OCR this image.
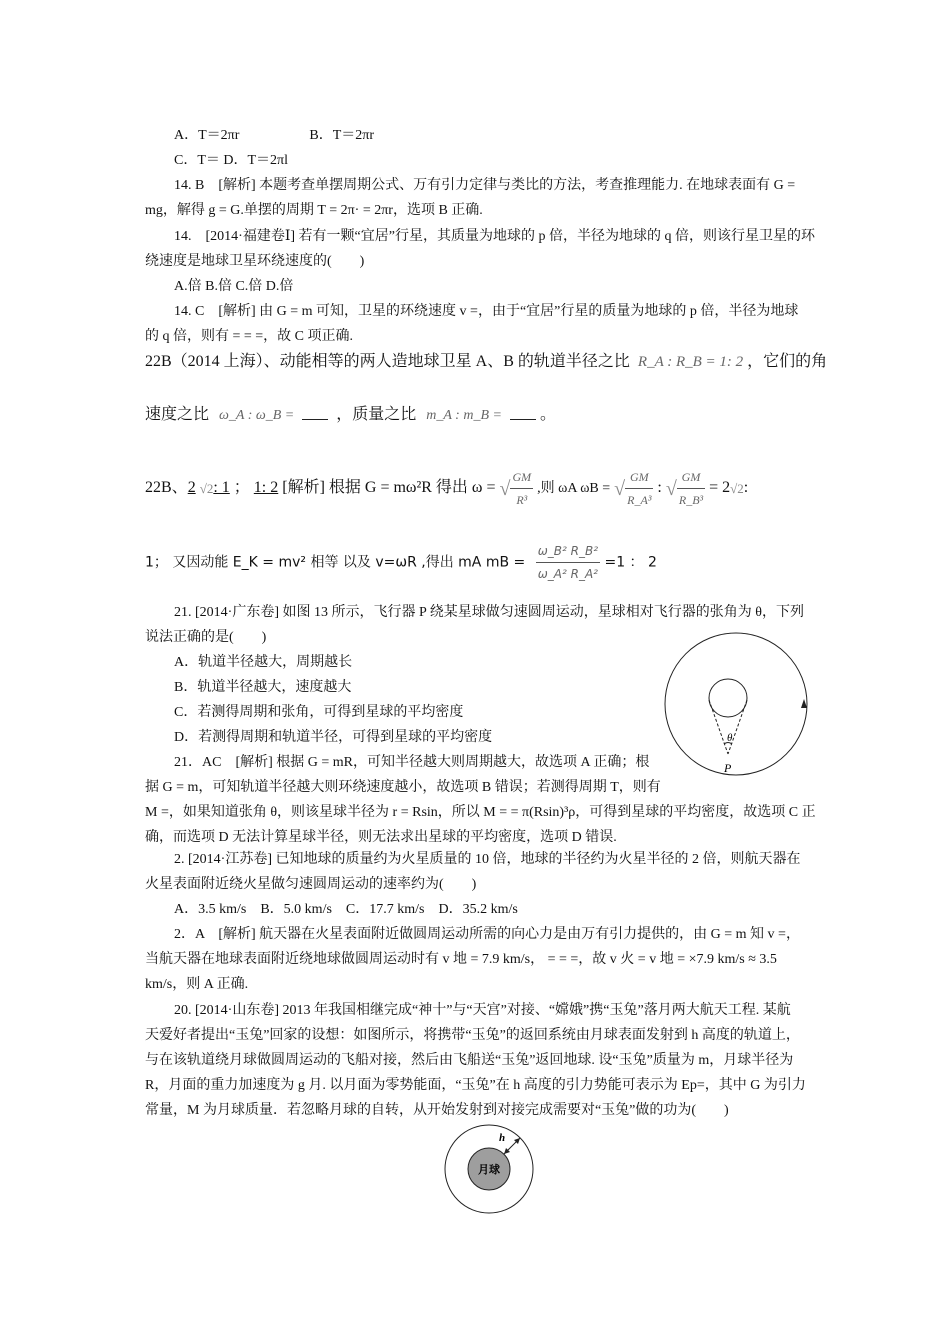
A．T＝2πr　　　　　B．T＝2πr
C．T＝ D．T＝2πl
14. B　[解析] 本题考查单摆周期公式、万有引力定律与类比的方法，考查推理能力. 在地球表面有 G =
mg，解得 g = G.单摆的周期 T = 2π· = 2πr，选项 B 正确.
14.　[2014·福建卷Ⅰ] 若有一颗“宜居”行星，其质量为地球的 p 倍，半径为地球的 q 倍，则该行星卫星的环
绕速度是地球卫星环绕速度的(　　)
A.倍 B.倍 C.倍 D.倍
14. C　[解析] 由 G = m 可知，卫星的环绕速度 v =，由于“宜居”行星的质量为地球的 p 倍，半径为地球
的 q 倍，则有 = = =，故 C 项正确.
22B（2014 上海）、动能相等的两人造地球卫星 A、B 的轨道半径之比 R_A : R_B = 1: 2 ，它们的角
速度之比 ω_A : ω_B =	，质量之比 m_A : m_B = 。
22B、2 √2: 1 ； 1: 2 [解析] 根据 G = mω²R 得出 ω = √ $\frac{GM}{\text{R³}}$ ,则 ωA ωB = √ $\frac{GM}{\text{R\_A³}}$ : √ $\frac{GM}{\text{R\_B³}} = 2√2$:
1； 又因动能 E_K = mv² 相等 以及 v=ωR ,得出 mA mB = $\frac{\text{ω\_B² R\_B²}}{\text{ω\_A² R\_A²}} =1$ ： 2
21. [2014·广东卷] 如图 13 所示，飞行器 P 绕某星球做匀速圆周运动，星球相对飞行器的张角为 θ，下列
说法正确的是(　　)
A．轨道半径越大，周期越长
B．轨道半径越大，速度越大
C．若测得周期和张角，可得到星球的平均密度
D．若测得周期和轨道半径，可得到星球的平均密度
21．AC　[解析] 根据 G = mR，可知半径越大则周期越大，故选项 A 正确；根
据 G = m，可知轨道半径越大则环绕速度越小，故选项 B 错误；若测得周期 T，则有
M =，如果知道张角 θ，则该星球半径为 r = Rsin，所以 M = = π(Rsin)³ρ，可得到星球的平均密度，故选项 C 正
确，而选项 D 无法计算星球半径，则无法求出星球的平均密度，选项 D 错误.
θ
P
2. [2014·江苏卷] 已知地球的质量约为火星质量的 10 倍，地球的半径约为火星半径的 2 倍，则航天器在
火星表面附近绕火星做匀速圆周运动的速率约为(　　)
A．3.5 km/s　B．5.0 km/s　C．17.7 km/s　D．35.2 km/s
2．A　[解析] 航天器在火星表面附近做圆周运动所需的向心力是由万有引力提供的，由 G = m 知 v =，
当航天器在地球表面附近绕地球做圆周运动时有 v 地 = 7.9 km/s， = = =，故 v 火 = v 地 = ×7.9 km/s ≈ 3.5
km/s，则 A 正确.
20. [2014·山东卷] 2013 年我国相继完成“神十”与“天宫”对接、“嫦娥”携“玉兔”落月两大航天工程. 某航
天爱好者提出“玉兔”回家的设想：如图所示，将携带“玉兔”的返回系统由月球表面发射到 h 高度的轨道上，
与在该轨道绕月球做圆周运动的飞船对接，然后由飞船送“玉兔”返回地球. 设“玉兔”质量为 m，月球半径为
R，月面的重力加速度为 g 月. 以月面为零势能面，“玉兔”在 h 高度的引力势能可表示为 Ep=，其中 G 为引力
常量，M 为月球质量．若忽略月球的自转，从开始发射到对接完成需要对“玉兔”做的功为(　　)
h
月球
